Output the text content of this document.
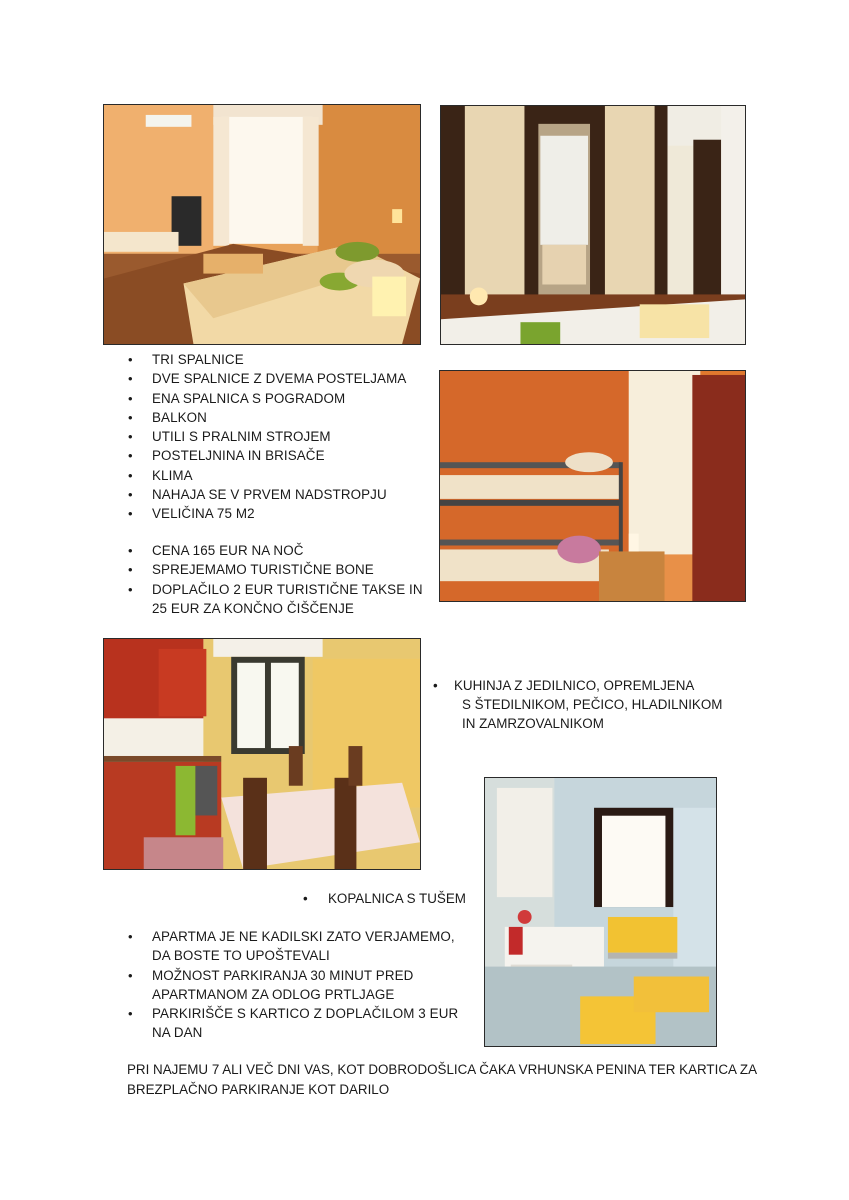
• TRI SPALNICE
• DVE SPALNICE Z DVEMA POSTELJAMA
• ENA SPALNICA S POGRADOM
• BALKON
• UTILI S PRALNIM STROJEM
• POSTELJNINA IN BRISAČE
• KLIMA
• NAHAJA SE V PRVEM NADSTROPJU
• VELIČINA 75 M2
• CENA 165 EUR NA NOČ
• SPREJEMAMO TURISTIČNE BONE
• DOPLAČILO 2 EUR TURISTIČNE TAKSE IN 25 EUR ZA KONČNO ČIŠČENJE
•	KUHINJA Z JEDILNICO, OPREMLJENA
S ŠTEDILNIKOM, PEČICO, HLADILNIKOM
IN ZAMRZOVALNIKOM
•	KOPALNICA S TUŠEM
• APARTMA JE NE KADILSKI ZATO VERJAMEMO, DA BOSTE TO UPOŠTEVALI
• MOŽNOST PARKIRANJA 30 MINUT PRED APARTMANOM ZA ODLOG PRTLJAGE
• PARKIRIŠČE S KARTICO Z DOPLAČILOM 3 EUR NA DAN
PRI NAJEMU 7 ALI VEČ DNI VAS, KOT DOBRODOŠLICA ČAKA VRHUNSKA PENINA TER KARTICA ZA BREZPLAČNO PARKIRANJE KOT DARILO
